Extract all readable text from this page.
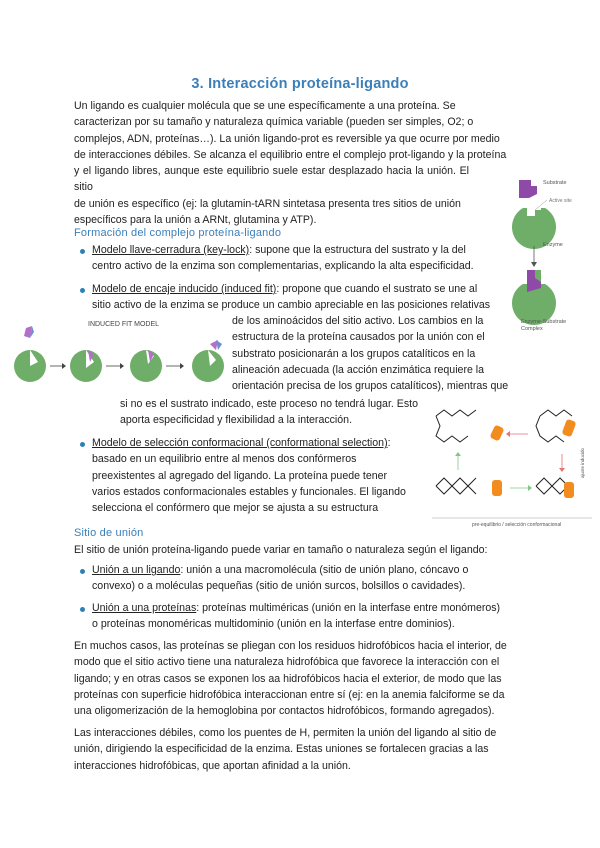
3. Interacción proteína-ligando
Un ligando es cualquier molécula que se une específicamente a una proteína. Se
caracterizan por su tamaño y naturaleza química variable (pueden ser simples, O2; o
complejos, ADN, proteínas…). La unión ligando-prot es reversible ya que ocurre por medio
de interacciones débiles. Se alcanza el equilibrio entre el complejo prot-ligando y la proteína
y el ligando libres, aunque este equilibrio suele estar desplazado hacia la unión. El sitio
de unión es específico (ej: la glutamin-tARN sintetasa presenta tres sitios de unión
específicos para la unión a ARNt, glutamina y ATP).
Substrate
Active site
Enzyme
Enzyme-Substrate
Complex
Formación del complejo proteína-ligando
Modelo llave-cerradura (key-lock): supone que la estructura del sustrato y la del
centro activo de la enzima son complementarias, explicando la alta especificidad.
Modelo de encaje inducido (induced fit): propone que cuando el sustrato se une al
sitio activo de la enzima se produce un cambio apreciable en las posiciones relativas
de los aminoácidos del sitio activo. Los cambios en la
estructura de la proteína causados por la unión con el
substrato posicionarán a los grupos catalíticos en la
alineación adecuada (la acción enzimática requiere la
orientación precisa de los grupos catalíticos), mientras que
si no es el sustrato indicado, este proceso no tendrá lugar. Esto
aporta especificidad y flexibilidad a la interacción.
INDUCED FIT MODEL
Modelo de selección conformacional (conformational selection):
basado en un equilibrio entre al menos dos confórmeros
preexistentes al agregado del ligando. La proteína puede tener
varios estados conformacionales estables y funcionales. El ligando
selecciona el confórmero que mejor se ajusta a su estructura
pre-equilibrio / selección conformacional
ajuste inducido
Sitio de unión
El sitio de unión proteína-ligando puede variar en tamaño o naturaleza según el ligando:
Unión a un ligando: unión a una macromolécula (sitio de unión plano, cóncavo o
convexo) o a moléculas pequeñas (sitio de unión surcos, bolsillos o cavidades).
Unión a una proteínas: proteínas multiméricas (unión en la interfase entre monómeros)
o proteínas monoméricas multidominio (unión en la interfase entre dominios).
En muchos casos, las proteínas se pliegan con los residuos hidrofóbicos hacia el interior, de
modo que el sitio activo tiene una naturaleza hidrofóbica que favorece la interacción con el
ligando; y en otras casos se exponen los aa hidrofóbicos hacia el exterior, de modo que las
proteínas con superficie hidrofóbica interaccionan entre sí (ej: en la anemia falciforme se da
una oligomerización de la hemoglobina por contactos hidrofóbicos, formando agregados).
Las interacciones débiles, como los puentes de H, permiten la unión del ligando al sitio de
unión, dirigiendo la especificidad de la enzima. Estas uniones se fortalecen gracias a las
interacciones hidrofóbicas, que aportan afinidad a la unión.
